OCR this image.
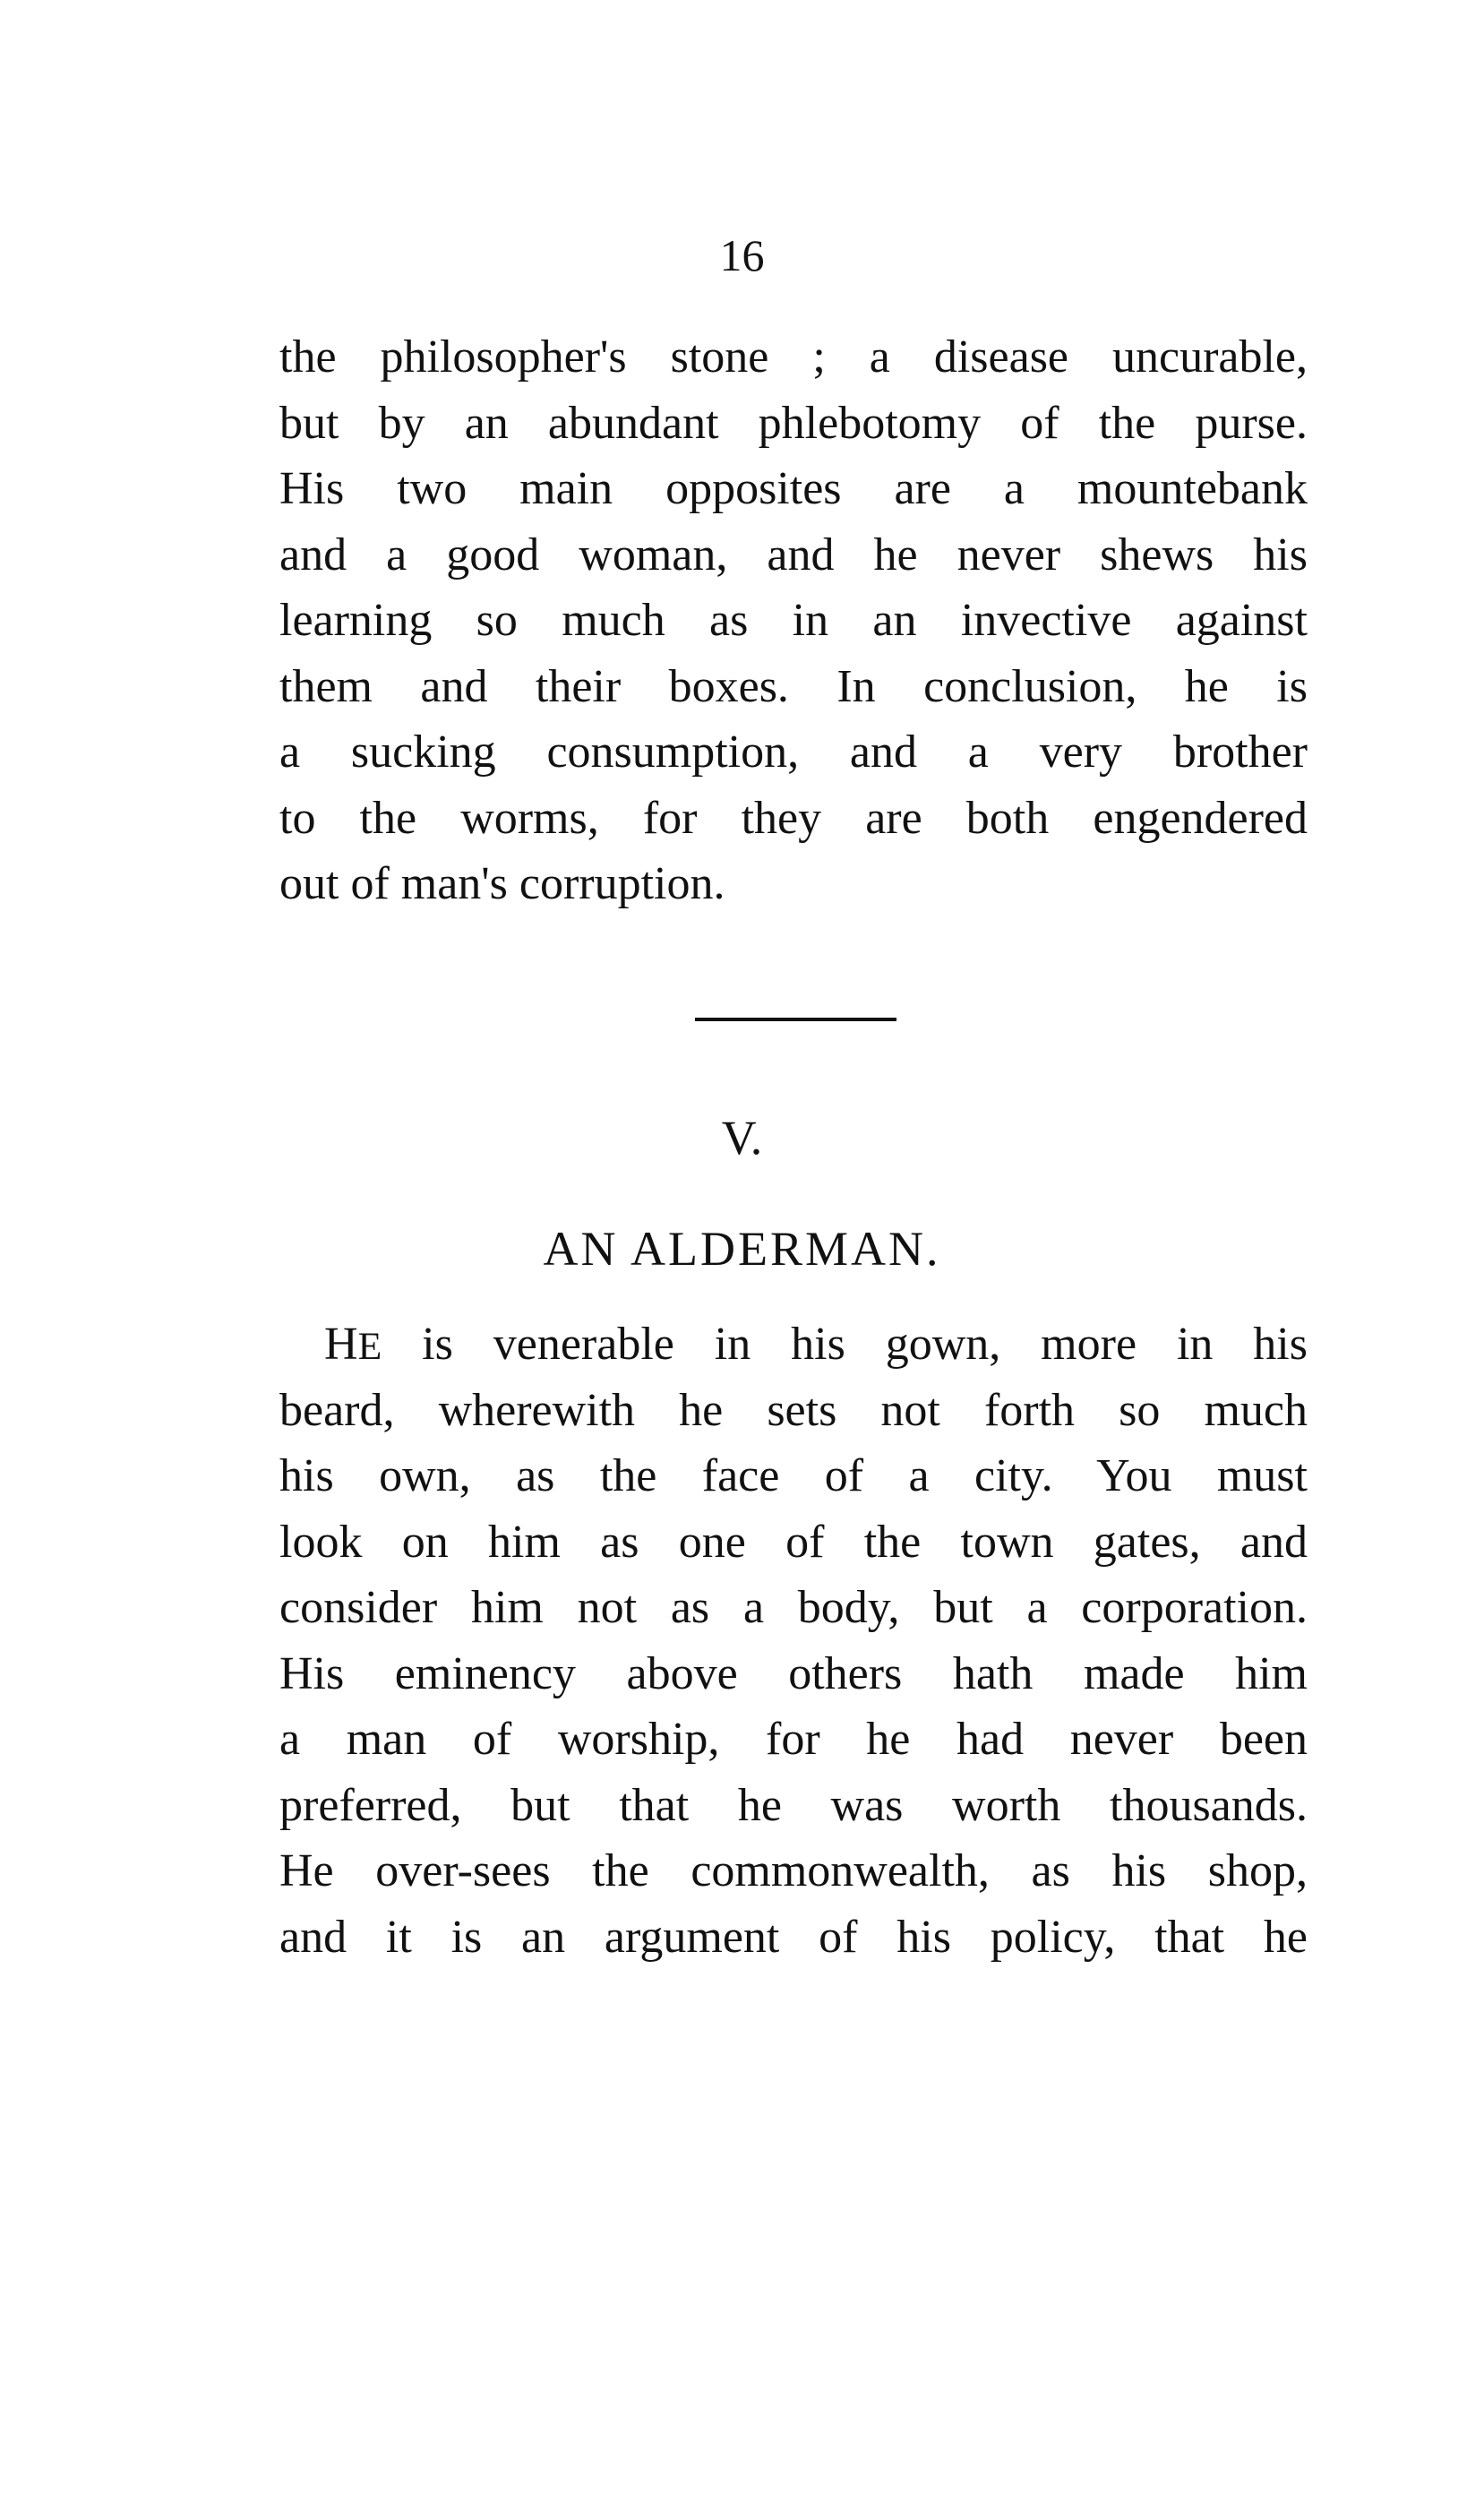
16
the philosopher's stone ; a disease uncurable,
but by an abundant phlebotomy of the purse.
His two main opposites are a mountebank
and a good woman, and he never shews his
learning so much as in an invective against
them and their boxes. In conclusion, he is
a sucking consumption, and a very brother
to the worms, for they are both engendered
out of man's corruption.
V.
AN ALDERMAN.
HE is venerable in his gown, more in his
beard, wherewith he sets not forth so much
his own, as the face of a city. You must
look on him as one of the town gates, and
consider him not as a body, but a corporation.
His eminency above others hath made him
a man of worship, for he had never been
preferred, but that he was worth thousands.
He over-sees the commonwealth, as his shop,
and it is an argument of his policy, that he
